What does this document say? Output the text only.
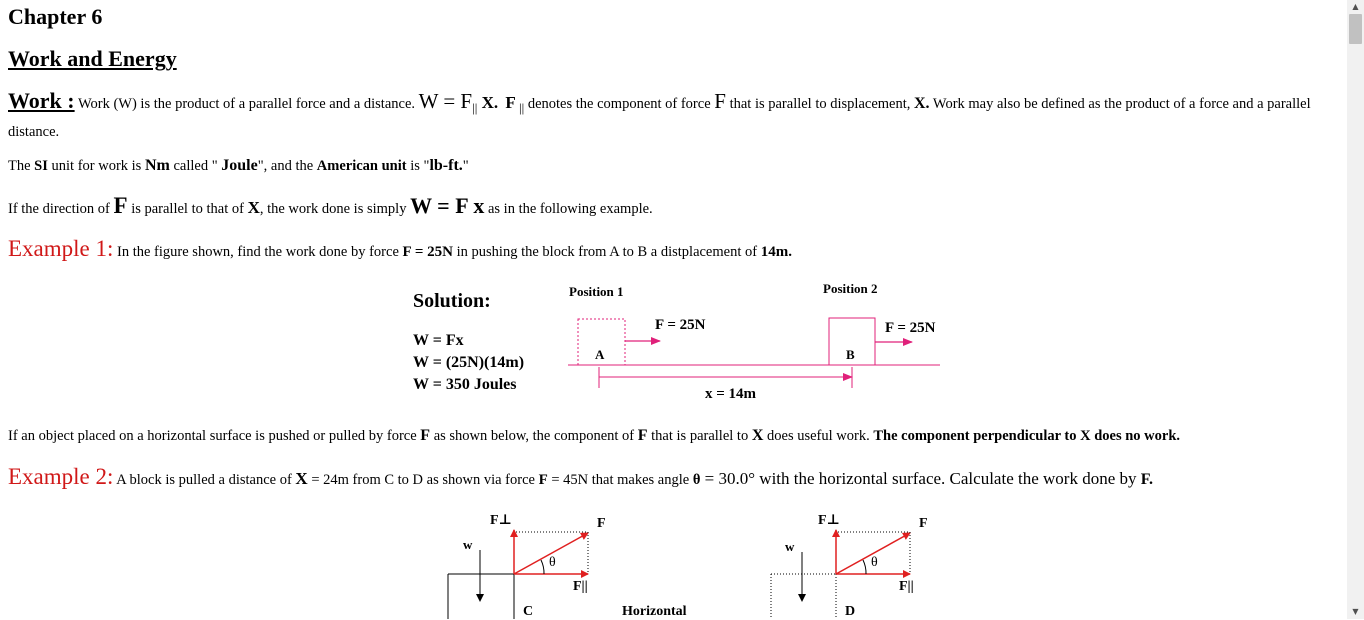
Chapter 6
Work and Energy
Work : Work (W) is the product of a parallel force and a distance. $W = F_{||}$ X. F $_{||}$ denotes the component of force F that is parallel to displacement, X. Work may also be defined as the product of a force and a parallel distance.
The SI unit for work is Nm called " Joule", and the American unit is "lb-ft."
If the direction of F is parallel to that of X, the work done is simply W = F x as in the following example.
Example 1: In the figure shown, find the work done by force F = 25N in pushing the block from A to B a distplacement of 14m.
Solution:
W = Fx
W = (25N)(14m)
W = 350 Joules
Position 1	Position 2
F = 25N	F = 25N
A	B
x = 14m
If an object placed on a horizontal surface is pushed or pulled by force F as shown below, the component of F that is parallel to X does useful work. The component perpendicular to X does no work.
Example 2: A block is pulled a distance of X = 24m from C to D as shown via force F = 45N that makes angle θ = 30.0° with the horizontal surface. Calculate the work done by F.
F⊥	F
w
θ
F||
C	Horizontal
F⊥	F
w
θ
F||
D
▲
▼
